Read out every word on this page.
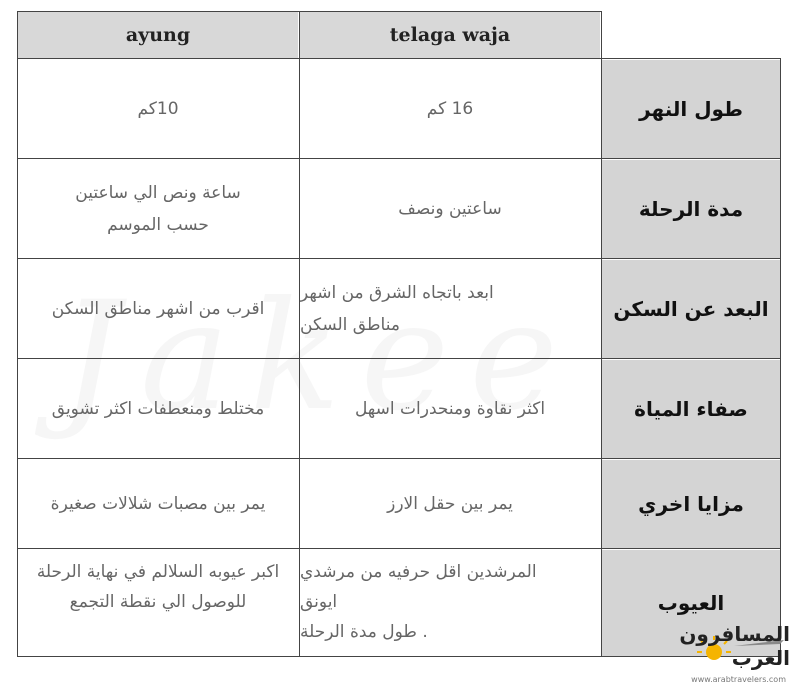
ayung	telaga waja
طول النهر
16 كم
10كم
مدة الرحلة
ساعتين ونصف
ساعة ونص الي ساعتين
حسب الموسم
البعد عن السكن
ابعد باتجاه الشرق من اشهر
مناطق السكن
اقرب من اشهر مناطق السكن
صفاء المياة
اكثر نقاوة ومنحدرات اسهل
مختلط ومنعطفات اكثر تشويق
مزايا اخري
يمر بين حقل الارز
يمر بين مصبات شلالات صغيرة
العيوب
المرشدين اقل حرفيه من مرشدي
ايونق
. طول مدة الرحلة
اكبر عيوبه السلالم في نهاية الرحلة
للوصول الي نقطة التجمع
المسافرون العرب
www.arabtravelers.com
